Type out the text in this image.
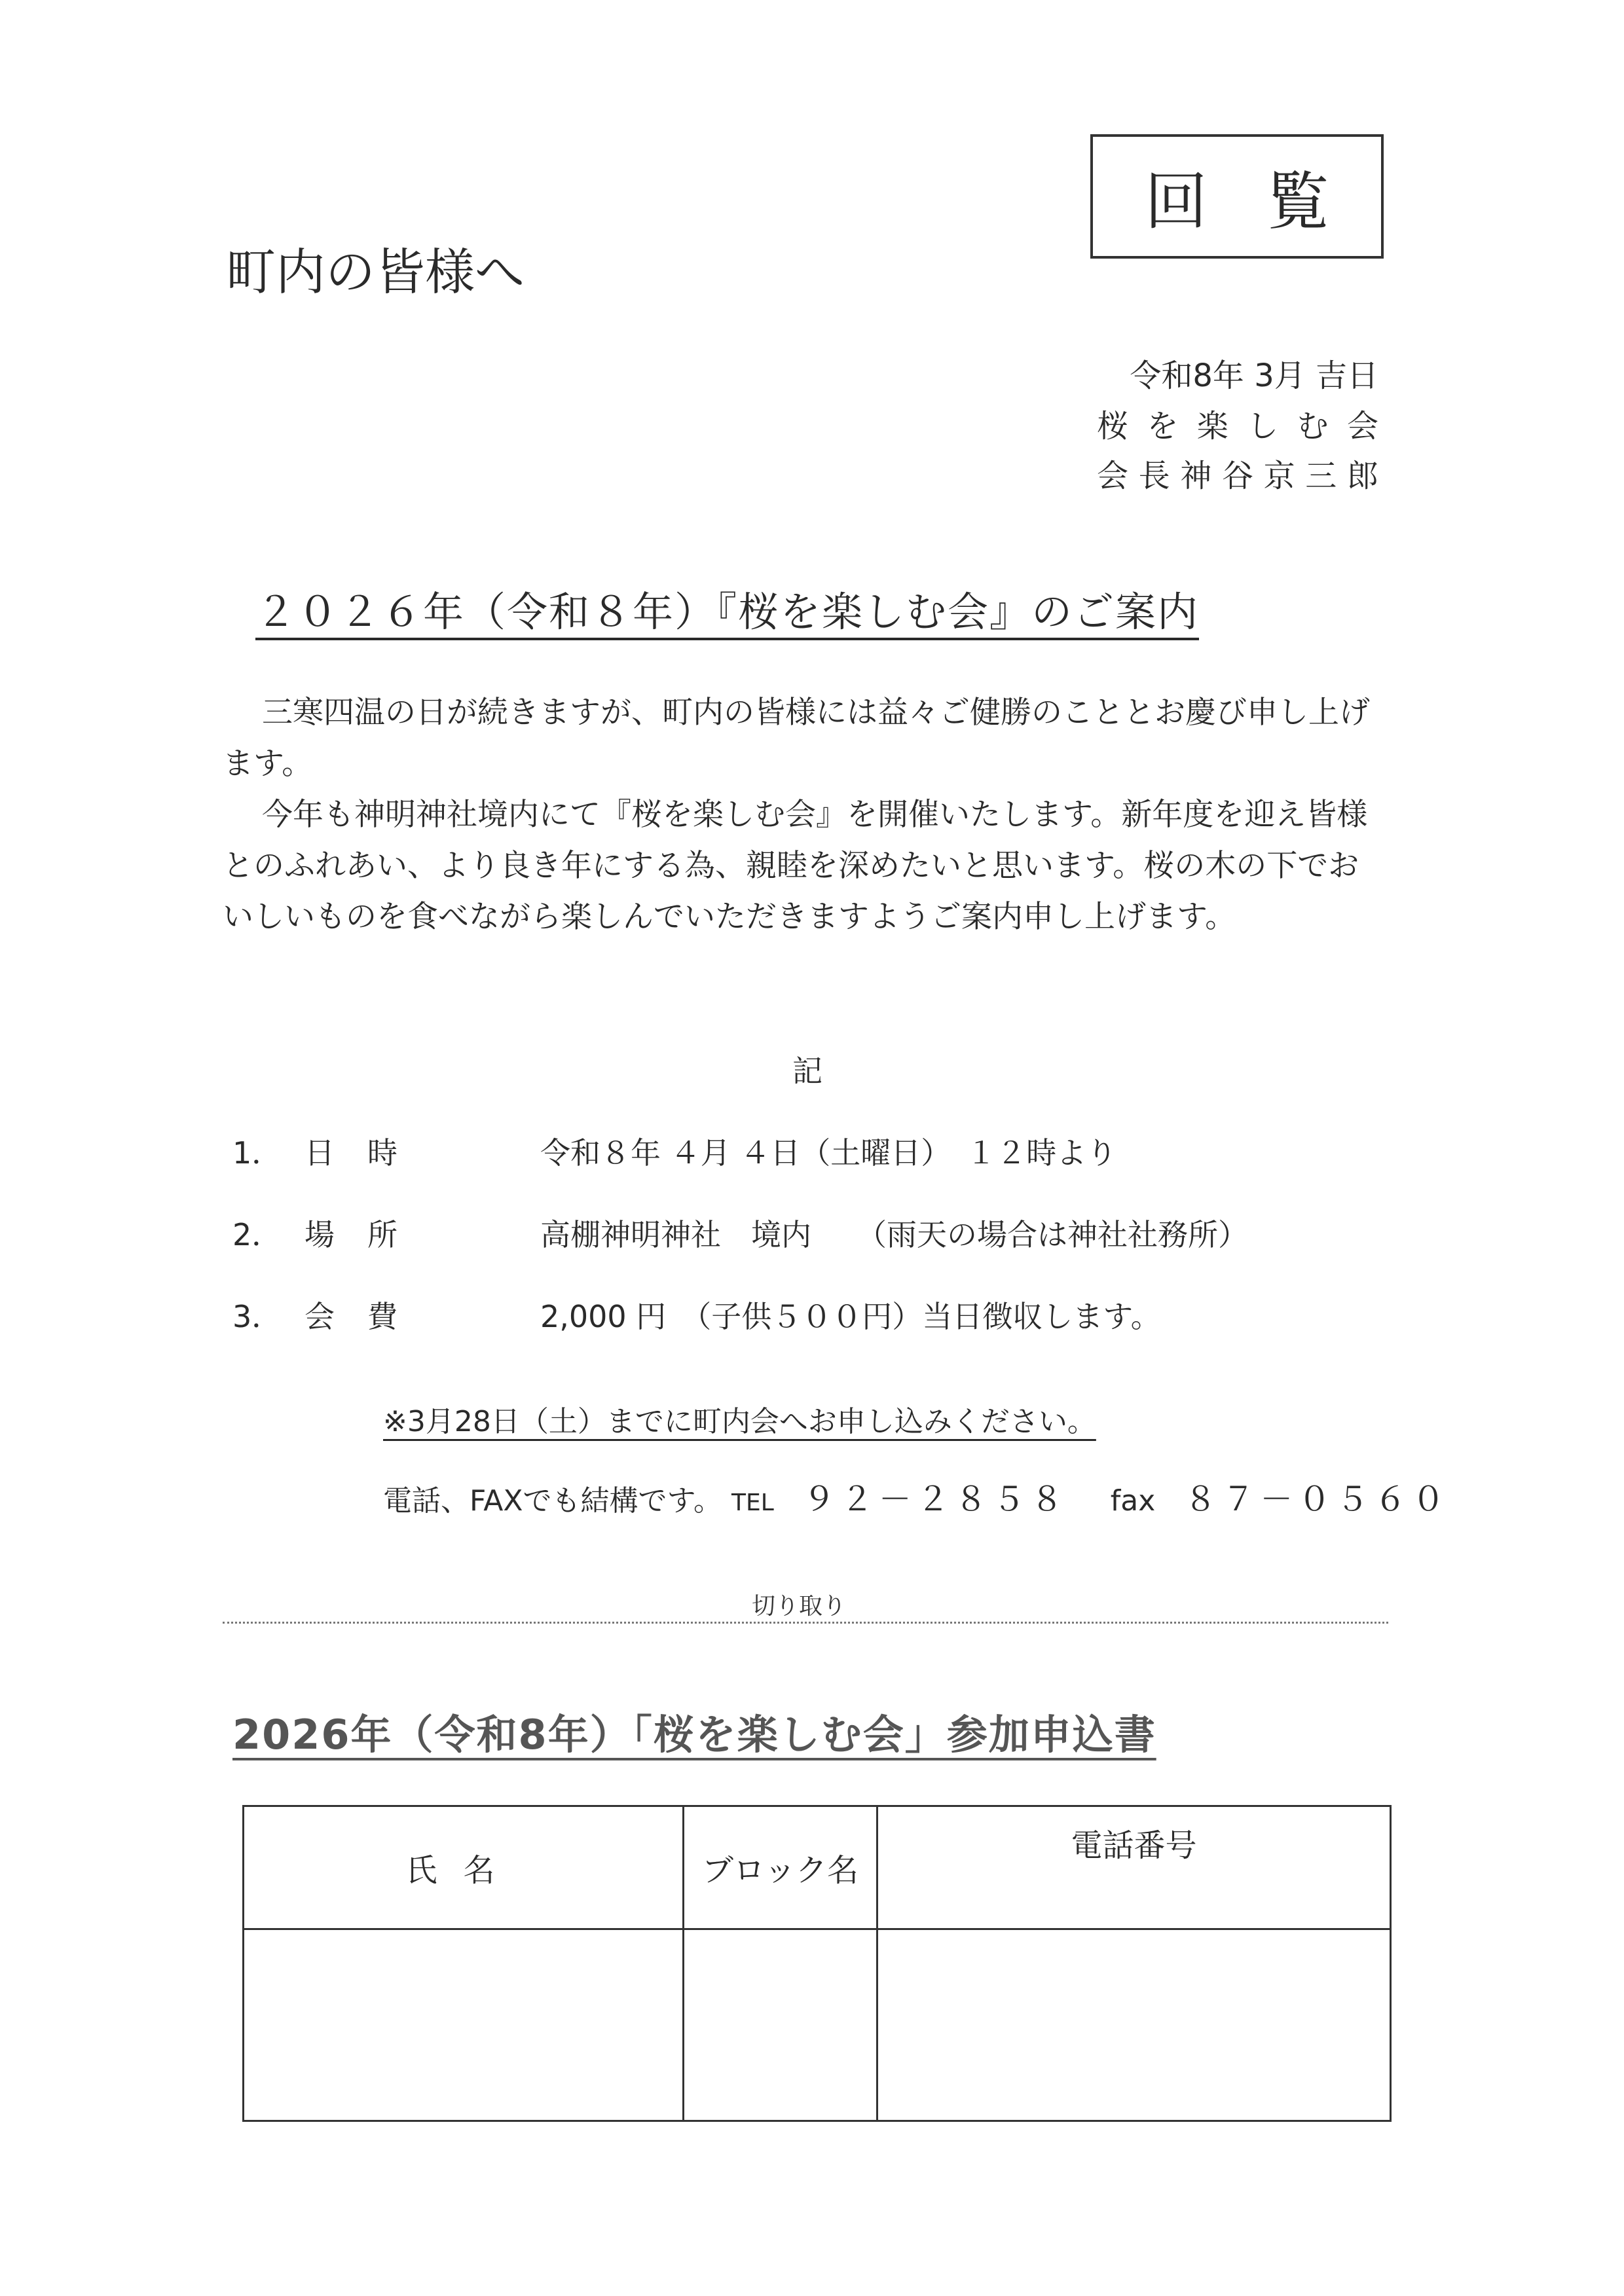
回覧
町内の皆様へ
令和8年 3月 吉日
桜 を 楽 し む 会
会 長 神 谷 京 三 郎
２０２６年（令和８年）『桜を楽しむ会』のご案内

三寒四温の日が続きますが、町内の皆様には益々ご健勝のこととお慶び申し上げます。

今年も神明神社境内にて『桜を楽しむ会』を開催いたします。新年度を迎え皆様とのふれあい、より良き年にする為、親睦を深めたいと思います。桜の木の下でおいしいものを食べながら楽しんでいただきますようご案内申し上げます。

記
1． 日時	令和８年 ４月 ４日（土曜日）　１２時より
2． 場所	高棚神明神社　境内　　（雨天の場合は神社社務所）
3． 会費	2,000 円　（子供５００円）当日徴収します。
※3月28日（土）までに町内会へお申し込みください。
電話、FAXでも結構です。 TEL ９２－２８５８ fax ８７－０５６０
切り取り
2026年（令和8年）「桜を楽しむ会」参加申込書
氏名	ブロック名	電話番号
